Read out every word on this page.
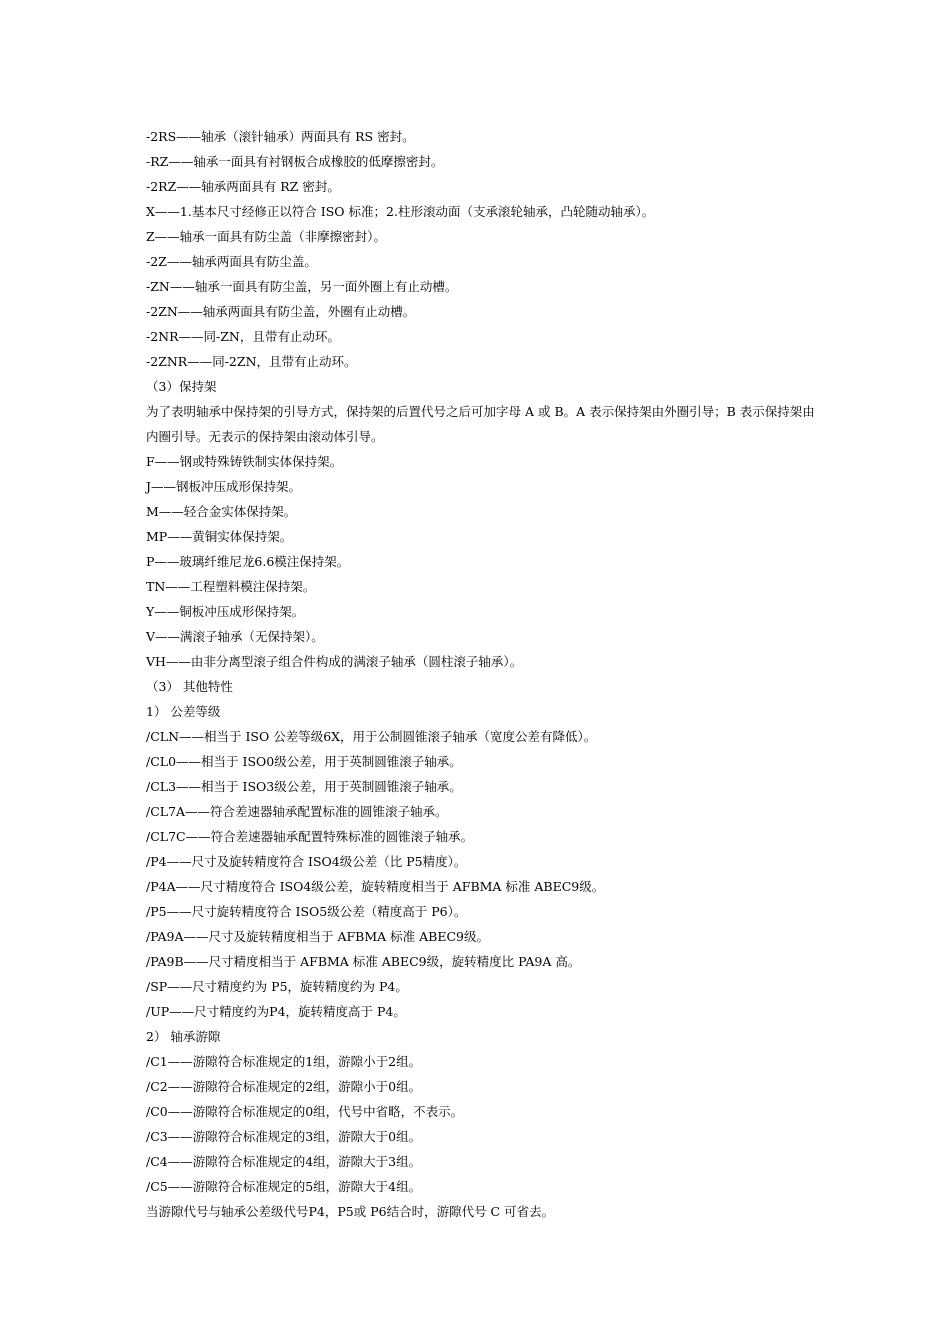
-2RS——轴承（滚针轴承）两面具有 RS 密封。

-RZ——轴承一面具有衬钢板合成橡胶的低摩擦密封。

-2RZ——轴承两面具有 RZ 密封。

X——1.基本尺寸经修正以符合 ISO 标准；2.柱形滚动面（支承滚轮轴承，凸轮随动轴承）。

Z——轴承一面具有防尘盖（非摩擦密封）。

-2Z——轴承两面具有防尘盖。

-ZN——轴承一面具有防尘盖，另一面外圈上有止动槽。

-2ZN——轴承两面具有防尘盖，外圈有止动槽。

-2NR——同-ZN，且带有止动环。

-2ZNR——同-2ZN，且带有止动环。

（3）保持架

为了表明轴承中保持架的引导方式，保持架的后置代号之后可加字母 A 或 B。A 表示保持架由外圈引导；B 表示保持架由内圈引导。无表示的保持架由滚动体引导。

F——钢或特殊铸铁制实体保持架。

J——钢板冲压成形保持架。

M——轻合金实体保持架。

MP——黄铜实体保持架。

P——玻璃纤维尼龙6.6模注保持架。

TN——工程塑料模注保持架。

Y——铜板冲压成形保持架。

V——满滚子轴承（无保持架）。

VH——由非分离型滚子组合件构成的满滚子轴承（圆柱滚子轴承）。

（3） 其他特性

1） 公差等级

/CLN——相当于 ISO 公差等级6X，用于公制圆锥滚子轴承（宽度公差有降低）。

/CL0——相当于 ISO0级公差，用于英制圆锥滚子轴承。

/CL3——相当于 ISO3级公差，用于英制圆锥滚子轴承。

/CL7A——符合差速器轴承配置标准的圆锥滚子轴承。

/CL7C——符合差速器轴承配置特殊标准的圆锥滚子轴承。

/P4——尺寸及旋转精度符合 ISO4级公差（比 P5精度）。

/P4A——尺寸精度符合 ISO4级公差，旋转精度相当于 AFBMA 标准 ABEC9级。

/P5——尺寸旋转精度符合 ISO5级公差（精度高于 P6）。

/PA9A——尺寸及旋转精度相当于 AFBMA 标准 ABEC9级。

/PA9B——尺寸精度相当于 AFBMA 标准 ABEC9级，旋转精度比 PA9A 高。

/SP——尺寸精度约为 P5，旋转精度约为 P4。

/UP——尺寸精度约为P4，旋转精度高于 P4。

2） 轴承游隙

/C1——游隙符合标准规定的1组，游隙小于2组。

/C2——游隙符合标准规定的2组，游隙小于0组。

/C0——游隙符合标准规定的0组，代号中省略，不表示。

/C3——游隙符合标准规定的3组，游隙大于0组。

/C4——游隙符合标准规定的4组，游隙大于3组。

/C5——游隙符合标准规定的5组，游隙大于4组。

当游隙代号与轴承公差级代号P4，P5或 P6结合时，游隙代号 C 可省去。
